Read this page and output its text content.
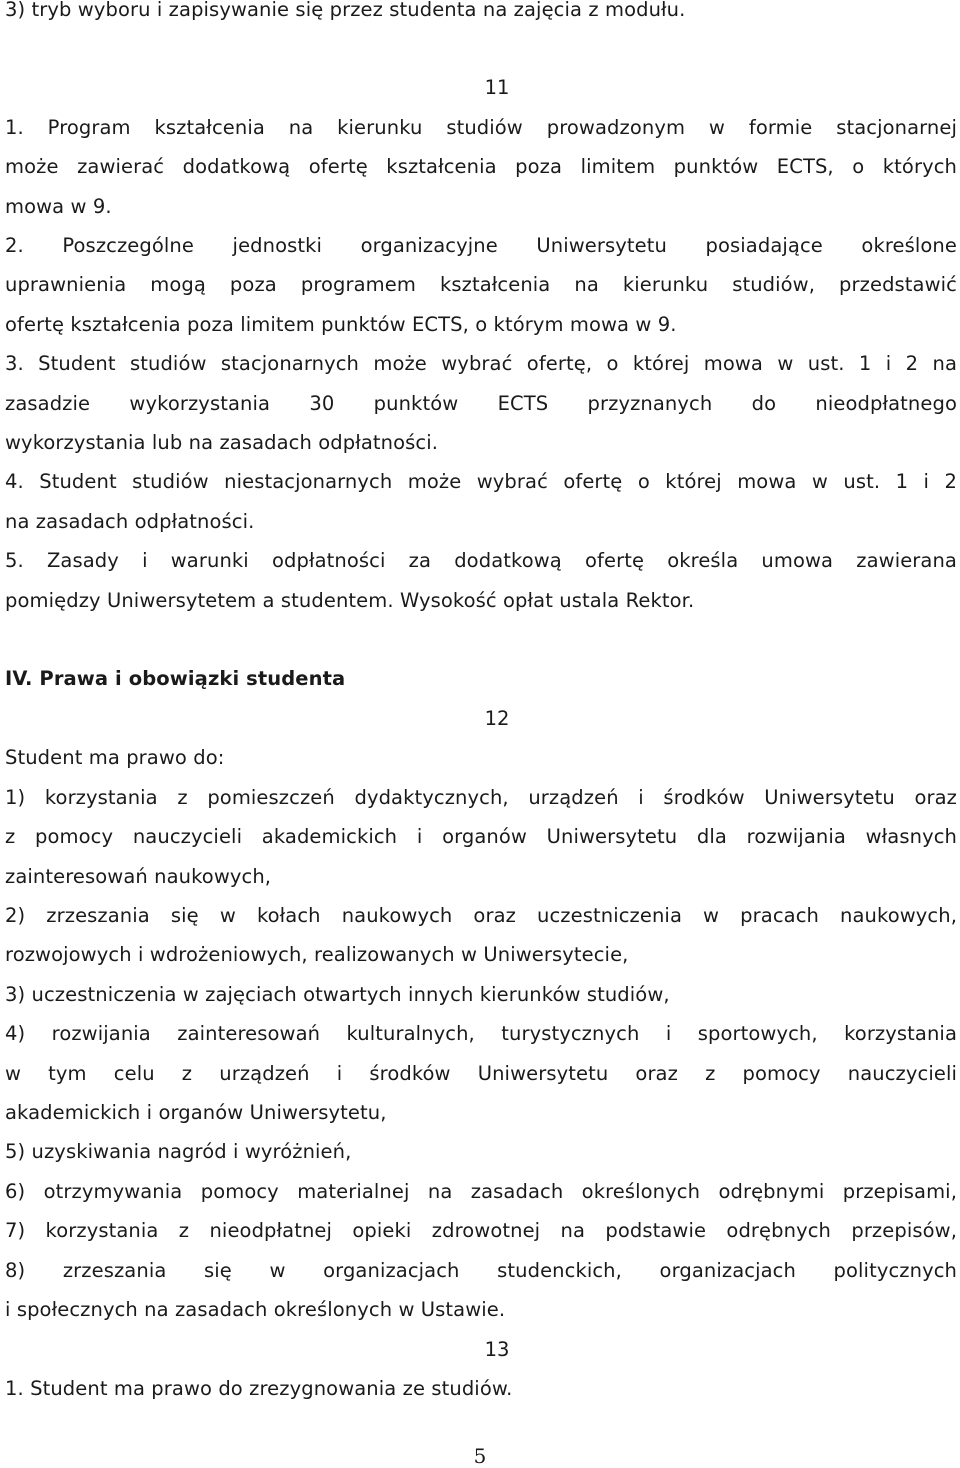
3) tryb wyboru i zapisywanie się przez studenta na zajęcia z modułu.
11
1. Program kształcenia na kierunku studiów prowadzonym w formie stacjonarnej
może zawierać dodatkową ofertę kształcenia poza limitem punktów ECTS, o których
mowa w 9.
2. Poszczególne jednostki organizacyjne Uniwersytetu posiadające określone
uprawnienia mogą poza programem kształcenia na kierunku studiów, przedstawić
ofertę kształcenia poza limitem punktów ECTS, o którym mowa w 9.
3. Student studiów stacjonarnych może wybrać ofertę, o której mowa w ust. 1 i 2 na
zasadzie wykorzystania 30 punktów ECTS przyznanych do nieodpłatnego
wykorzystania lub na zasadach odpłatności.
4. Student studiów niestacjonarnych może wybrać ofertę o której mowa w ust. 1 i 2
na zasadach odpłatności.
5. Zasady i warunki odpłatności za dodatkową ofertę określa umowa zawierana
pomiędzy Uniwersytetem a studentem. Wysokość opłat ustala Rektor.
IV. Prawa i obowiązki studenta
12
Student ma prawo do:
1) korzystania z pomieszczeń dydaktycznych, urządzeń i środków Uniwersytetu oraz
z pomocy nauczycieli akademickich i organów Uniwersytetu dla rozwijania własnych
zainteresowań naukowych,
2) zrzeszania się w kołach naukowych oraz uczestniczenia w pracach naukowych,
rozwojowych i wdrożeniowych, realizowanych w Uniwersytecie,
3) uczestniczenia w zajęciach otwartych innych kierunków studiów,
4) rozwijania zainteresowań kulturalnych, turystycznych i sportowych, korzystania
w tym celu z urządzeń i środków Uniwersytetu oraz z pomocy nauczycieli
akademickich i organów Uniwersytetu,
5) uzyskiwania nagród i wyróżnień,
6) otrzymywania pomocy materialnej na zasadach określonych odrębnymi przepisami,
7) korzystania z nieodpłatnej opieki zdrowotnej na podstawie odrębnych przepisów,
8) zrzeszania się w organizacjach studenckich, organizacjach politycznych
i społecznych na zasadach określonych w Ustawie.
13
1. Student ma prawo do zrezygnowania ze studiów.
5
